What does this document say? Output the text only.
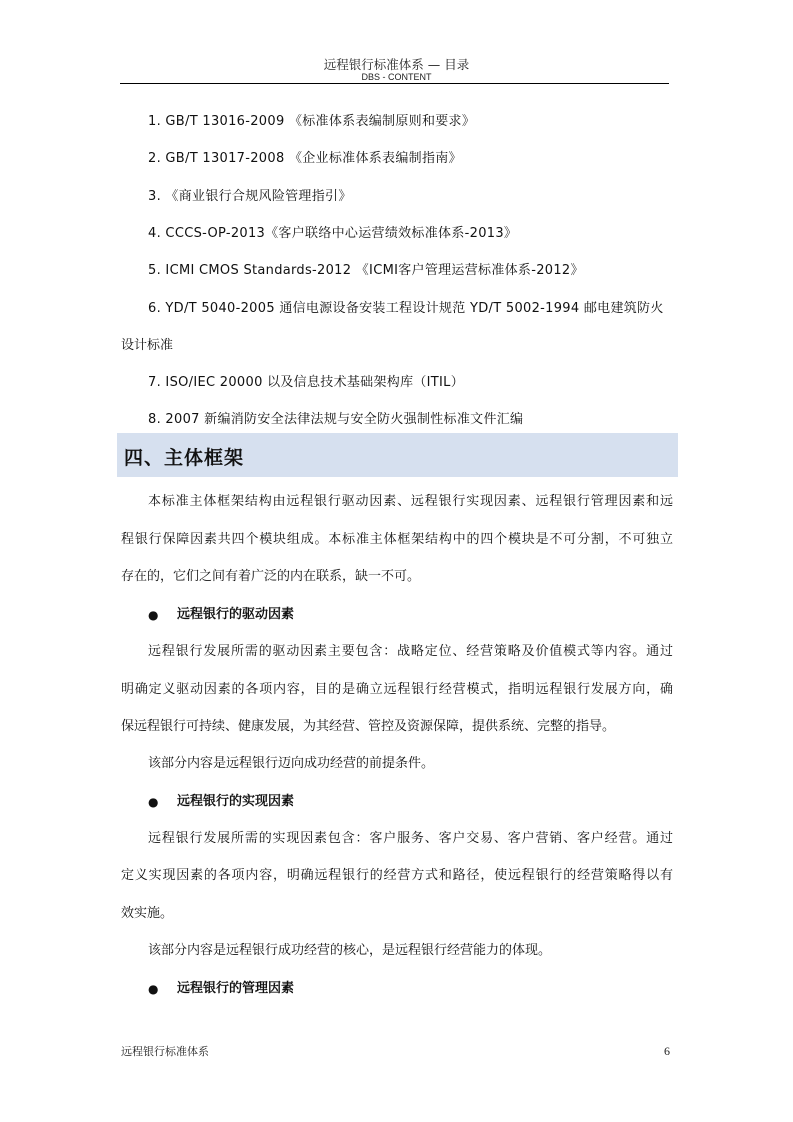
远程银行标准体系 — 目录
DBS - CONTENT
1. GB/T 13016-2009 《标准体系表编制原则和要求》
2. GB/T 13017-2008 《企业标准体系表编制指南》
3. 《商业银行合规风险管理指引》
4. CCCS-OP-2013《客户联络中心运营绩效标准体系-2013》
5. ICMI CMOS Standards-2012 《ICMI客户管理运营标准体系-2012》
6. YD/T 5040-2005 通信电源设备安装工程设计规范 YD/T 5002-1994 邮电建筑防火
设计标准
7. ISO/IEC 20000 以及信息技术基础架构库（ITIL）
8. 2007 新编消防安全法律法规与安全防火强制性标准文件汇编
四、主体框架
本标准主体框架结构由远程银行驱动因素、远程银行实现因素、远程银行管理因素和远
程银行保障因素共四个模块组成。本标准主体框架结构中的四个模块是不可分割，不可独立
存在的，它们之间有着广泛的内在联系，缺一不可。
● 远程银行的驱动因素
远程银行发展所需的驱动因素主要包含：战略定位、经营策略及价值模式等内容。通过
明确定义驱动因素的各项内容，目的是确立远程银行经营模式，指明远程银行发展方向，确
保远程银行可持续、健康发展，为其经营、管控及资源保障，提供系统、完整的指导。
该部分内容是远程银行迈向成功经营的前提条件。
● 远程银行的实现因素
远程银行发展所需的实现因素包含：客户服务、客户交易、客户营销、客户经营。通过
定义实现因素的各项内容，明确远程银行的经营方式和路径，使远程银行的经营策略得以有
效实施。
该部分内容是远程银行成功经营的核心，是远程银行经营能力的体现。
● 远程银行的管理因素
远程银行标准体系	6
